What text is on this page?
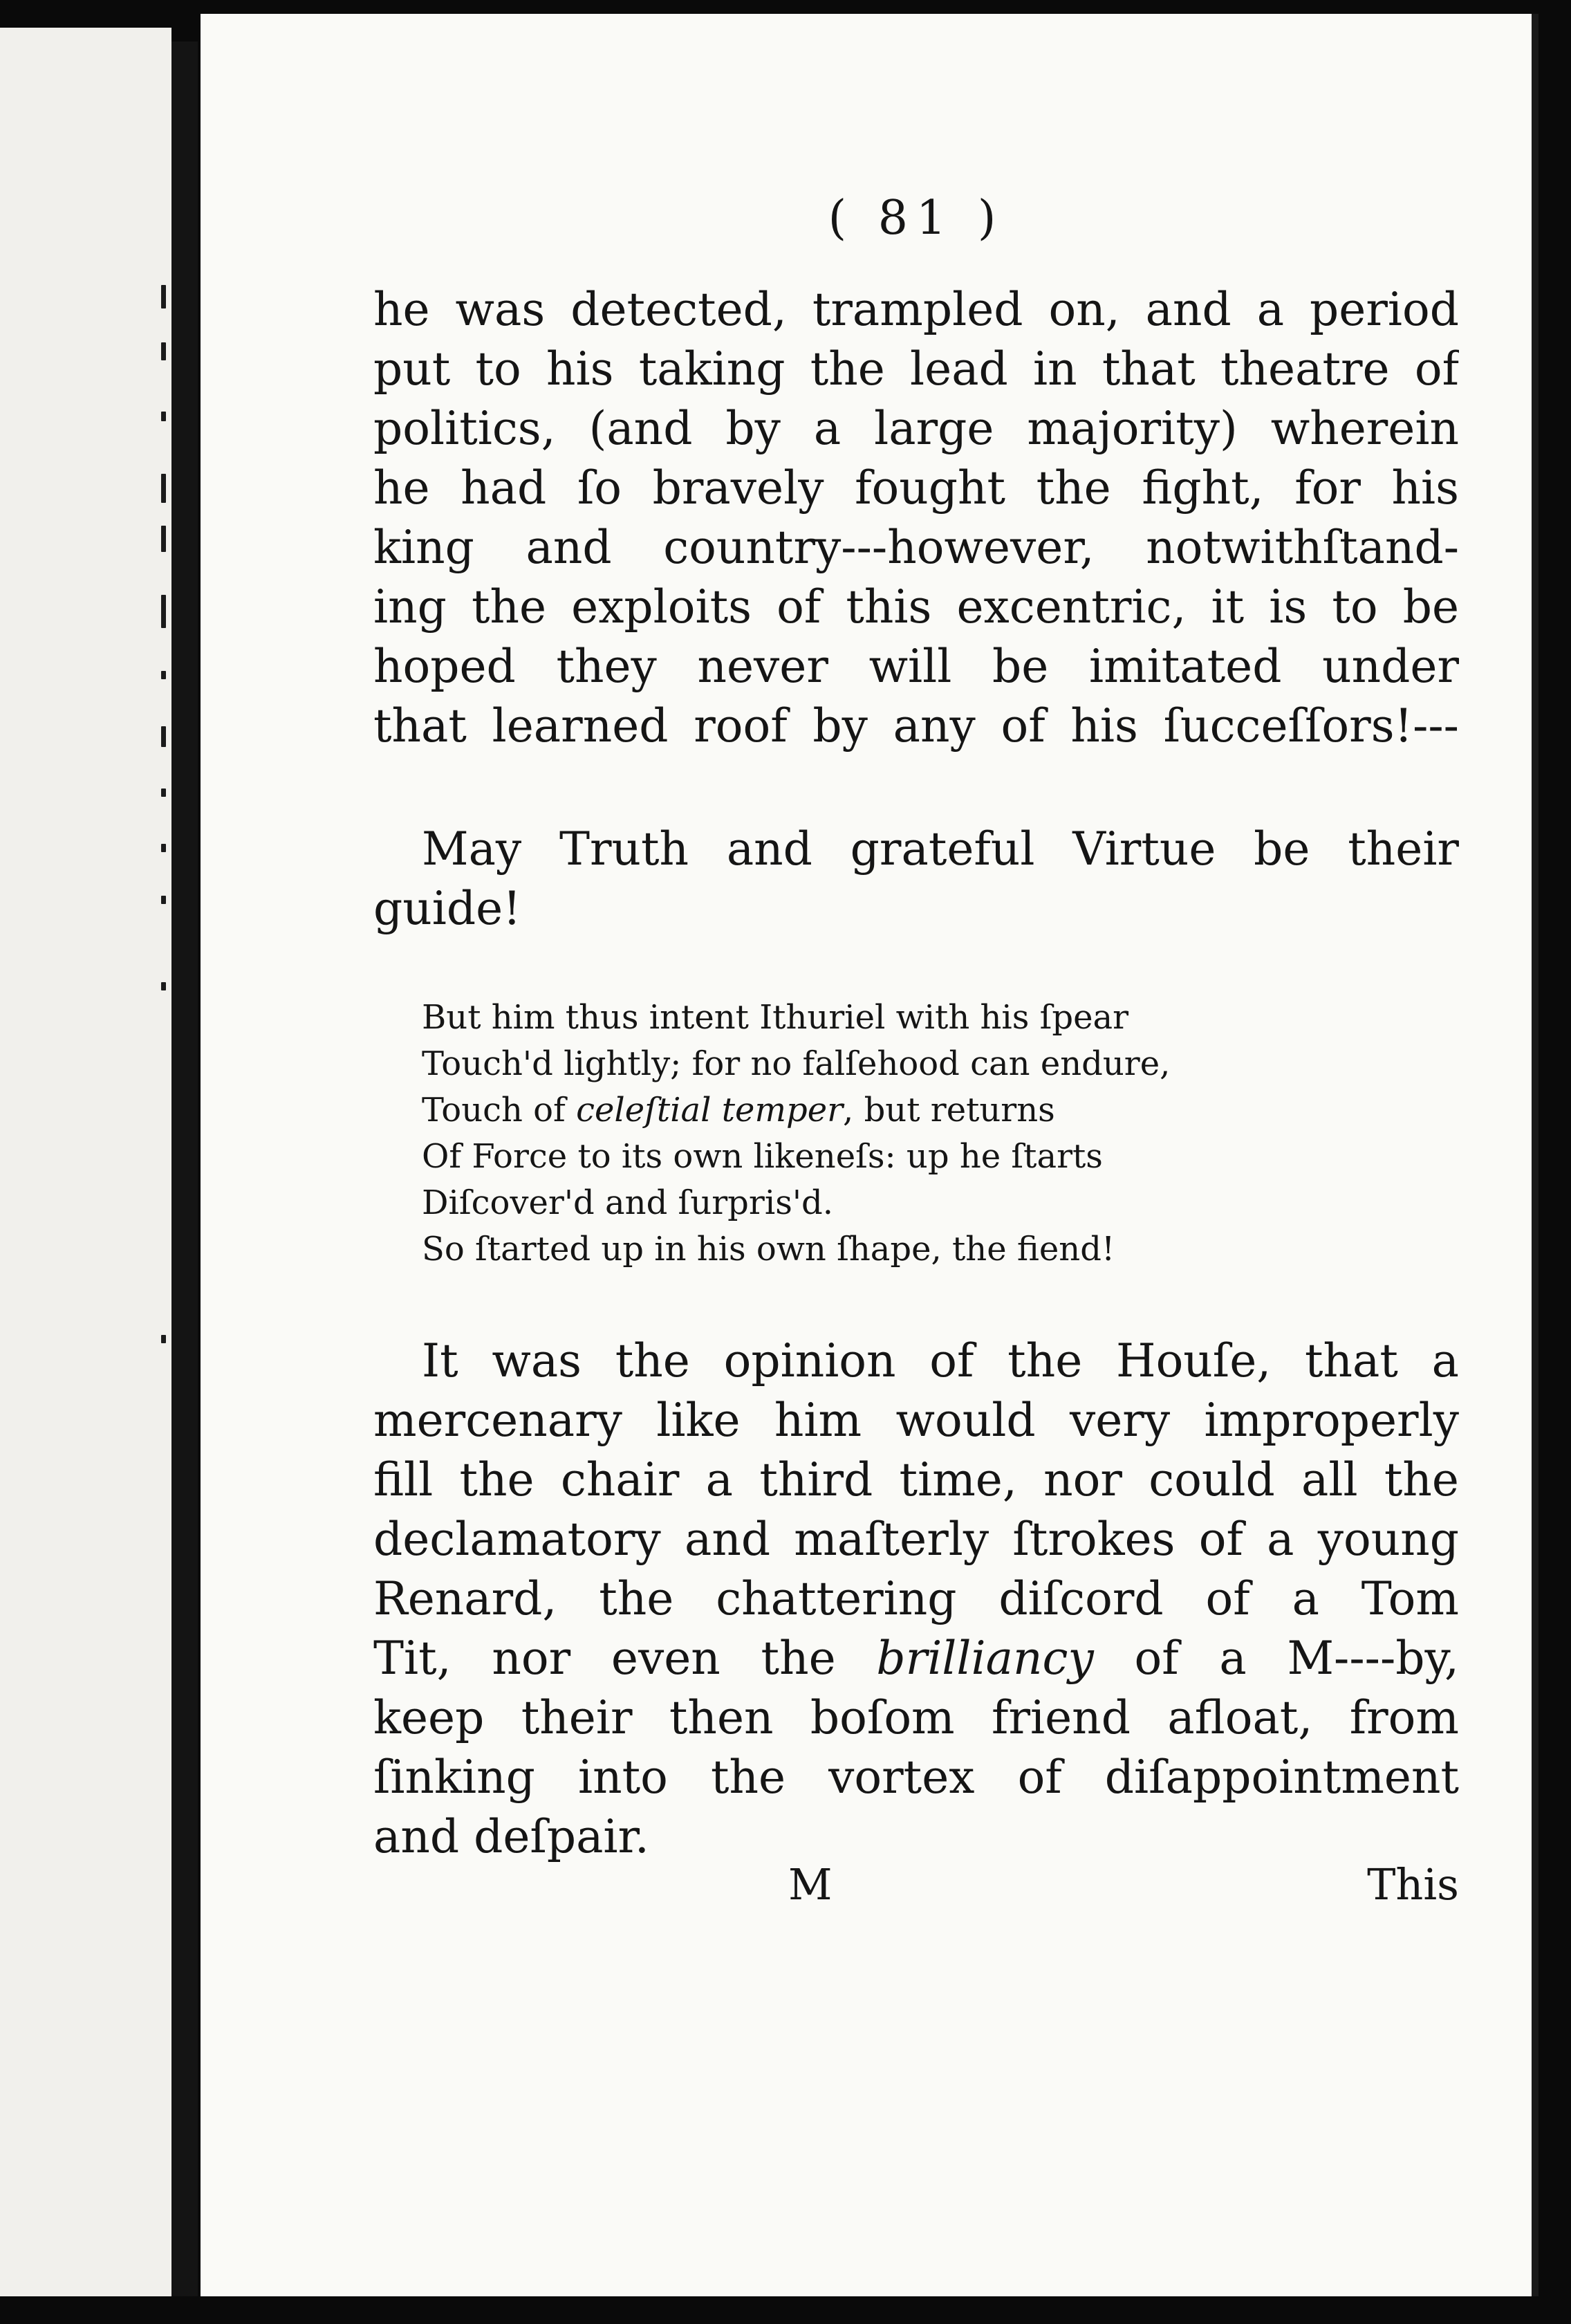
( 81 )
he was detected, trampled on, and a period
put to his taking the lead in that theatre of
politics, (and by a large majority) wherein
he had ſo bravely fought the fight, for his
king and country---however, notwithſtand-
ing the exploits of this excentric, it is to be
hoped they never will be imitated under
that learned roof by any of his ſucceſſors!---
May Truth and grateful Virtue be their
guide!
But him thus intent Ithuriel with his ſpear
Touch'd lightly; for no falſehood can endure,
Touch of celeſtial temper, but returns
Of Force to its own likeneſs: up he ſtarts
Diſcover'd and ſurpris'd.
So ſtarted up in his own ſhape, the fiend!
It was the opinion of the Houſe, that a
mercenary like him would very improperly
fill the chair a third time, nor could all the
declamatory and maſterly ſtrokes of a young
Renard, the chattering diſcord of a Tom
Tit, nor even the brilliancy of a M----by,
keep their then boſom friend afloat, from
ſinking into the vortex of diſappointment
and deſpair.
M	This
